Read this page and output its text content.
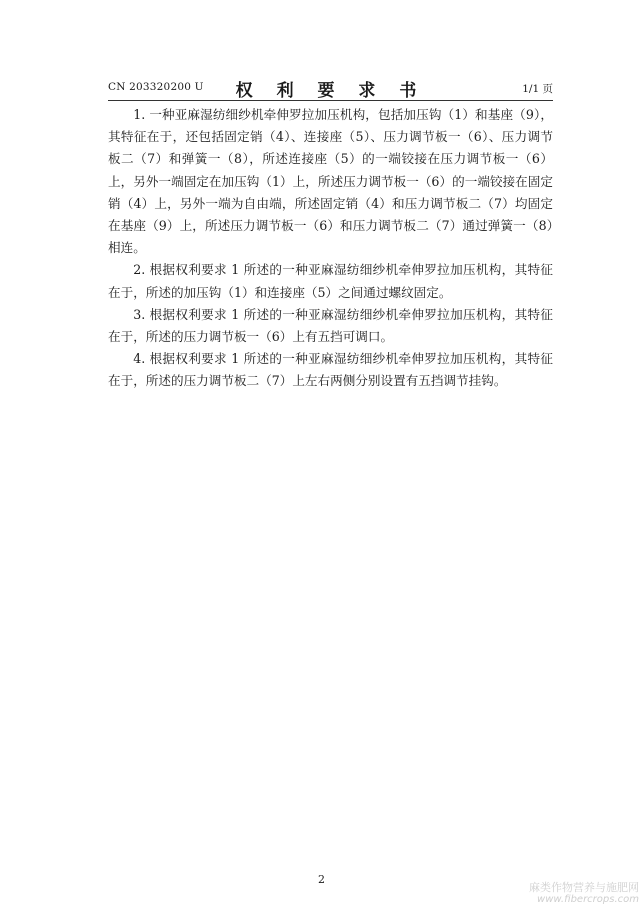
CN 203320200 U	权 利 要 求 书	1/1 页

1. 一种亚麻湿纺细纱机牵伸罗拉加压机构，包括加压钩（1）和基座（9），其特征在于，还包括固定销（4）、连接座（5）、压力调节板一（6）、压力调节板二（7）和弹簧一（8），所述连接座（5）的一端铰接在压力调节板一（6）上，另外一端固定在加压钩（1）上，所述压力调节板一（6）的一端铰接在固定销（4）上，另外一端为自由端，所述固定销（4）和压力调节板二（7）均固定在基座（9）上，所述压力调节板一（6）和压力调节板二（7）通过弹簧一（8）相连。

2. 根据权利要求 1 所述的一种亚麻湿纺细纱机牵伸罗拉加压机构，其特征在于，所述的加压钩（1）和连接座（5）之间通过螺纹固定。

3. 根据权利要求 1 所述的一种亚麻湿纺细纱机牵伸罗拉加压机构，其特征在于，所述的压力调节板一（6）上有五挡可调口。

4. 根据权利要求 1 所述的一种亚麻湿纺细纱机牵伸罗拉加压机构，其特征在于，所述的压力调节板二（7）上左右两侧分别设置有五挡调节挂钩。

2
麻类作物营养与施肥网
www.fibercrops.com
